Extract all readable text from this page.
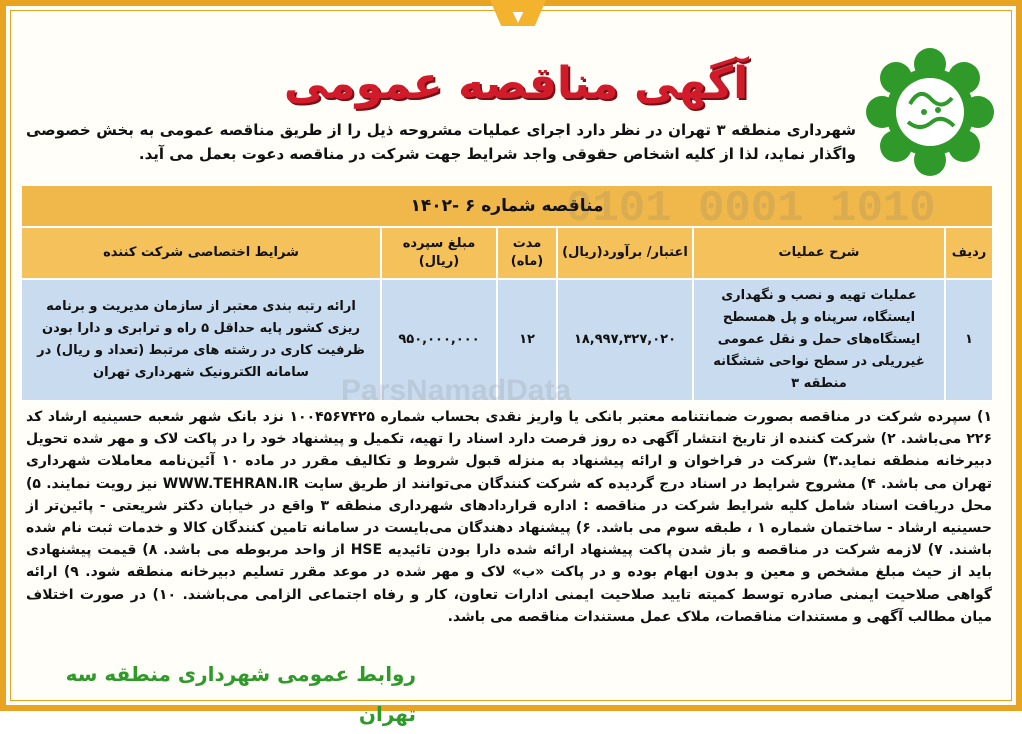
▼
آگهی مناقصه عمومی
شهرداری منطقه ۳ تهران در نظر دارد اجرای عملیات مشروحه ذیل را از طریق مناقصه عمومی به بخش خصوصی واگذار نماید، لذا از کلیه اشخاص حقوقی واجد شرایط جهت شرکت در مناقصه دعوت بعمل می آید.
مناقصه شماره ۶ -۱۴۰۲					
ردیف	شرح عملیات	اعتبار/ برآورد(ریال)	مدت (ماه)	مبلغ سپرده (ریال)	شرایط اختصاصی شرکت کننده
۱	عملیات تهیه و نصب و نگهداری ایستگاه، سرپناه و پل همسطح ایستگاه‌های حمل و نقل عمومی غیرریلی در سطح نواحی ششگانه منطقه ۳	۱۸,۹۹۷,۳۲۷,۰۲۰	۱۲	۹۵۰,۰۰۰,۰۰۰	ارائه رتبه بندی معتبر از سازمان مدیریت و برنامه ریزی کشور پایه حداقل ۵ راه و ترابری و دارا بودن ظرفیت کاری در رشته های مرتبط (تعداد و ریال) در سامانه الکترونیک شهرداری تهران
۱) سپرده شرکت در مناقصه بصورت ضمانتنامه معتبر بانکی یا واریز نقدی بحساب شماره ۱۰۰۴۵۶۷۴۲۵ نزد بانک شهر شعبه حسینیه ارشاد کد ۲۲۶ می‌باشد. ۲) شرکت کننده از تاریخ انتشار آگهی ده روز فرصت دارد اسناد را تهیه، تکمیل و پیشنهاد خود را در پاکت لاک و مهر شده تحویل دبیرخانه منطقه نماید.۳) شرکت در فراخوان و ارائه پیشنهاد به منزله قبول شروط و تکالیف مقرر در ماده ۱۰ آئین‌نامه معاملات شهرداری تهران می باشد. ۴) مشروح شرایط در اسناد درج گردیده که شرکت کنندگان می‌توانند از طریق سایت WWW.TEHRAN.IR نیز رویت نمایند. ۵) محل دریافت اسناد شامل کلیه شرایط شرکت در مناقصه : اداره قراردادهای شهرداری منطقه ۳ واقع در خیابان دکتر شریعتی - پائین‌تر از حسینیه ارشاد - ساختمان شماره ۱ ، طبقه سوم می باشد. ۶) پیشنهاد دهندگان می‌بایست در سامانه تامین کنندگان کالا و خدمات ثبت نام شده باشند. ۷) لازمه شرکت در مناقصه و باز شدن پاکت پیشنهاد ارائه شده دارا بودن تائیدیه HSE از واحد مربوطه می باشد. ۸) قیمت پیشنهادی باید از حیث مبلغ مشخص و معین و بدون ابهام بوده و در پاکت «ب» لاک و مهر شده در موعد مقرر تسلیم دبیرخانه منطقه شود. ۹) ارائه گواهی صلاحیت ایمنی صادره توسط کمیته تایید صلاحیت ایمنی ادارات تعاون، کار و رفاه اجتماعی الزامی می‌باشند. ۱۰) در صورت اختلاف میان مطالب آگهی و مستندات مناقصات، ملاک عمل مستندات مناقصه می باشد.
روابط عمومی شهرداری منطقه سه تهران
